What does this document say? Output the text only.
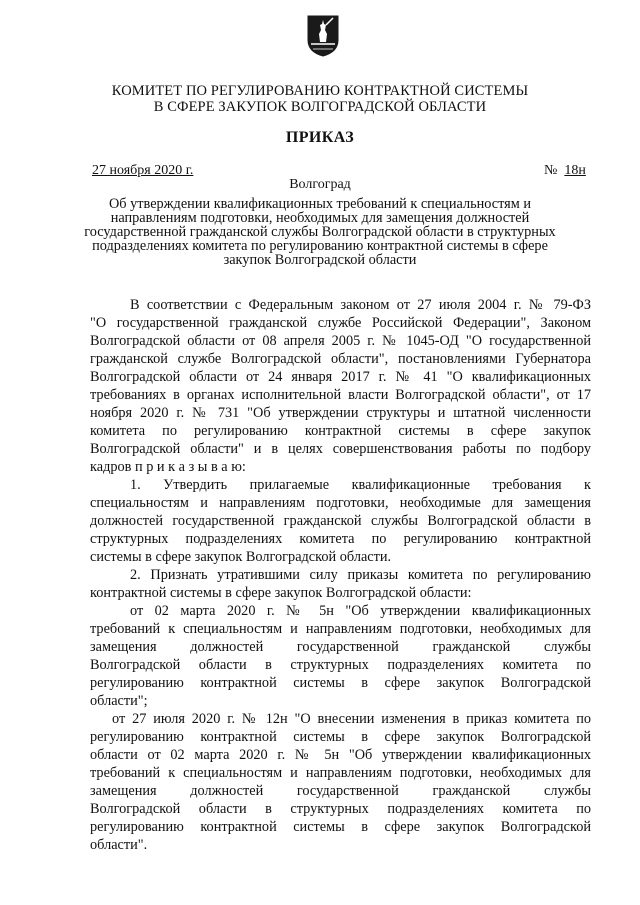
КОМИТЕТ ПО РЕГУЛИРОВАНИЮ КОНТРАКТНОЙ СИСТЕМЫ
В СФЕРЕ ЗАКУПОК ВОЛГОГРАДСКОЙ ОБЛАСТИ
ПРИКАЗ
27 ноября 2020 г.	№ 18н
Волгоград
Об утверждении квалификационных требований к специальностям и
направлениям подготовки, необходимых для замещения должностей
государственной гражданской службы Волгоградской области в структурных
подразделениях комитета по регулированию контрактной системы в сфере
закупок Волгоградской области
В соответствии с Федеральным законом от 27 июля 2004 г. № 79-ФЗ
"О государственной гражданской службе Российской Федерации", Законом
Волгоградской области от 08 апреля 2005 г. № 1045-ОД "О государственной
гражданской службе Волгоградской области", постановлениями Губернатора
Волгоградской области от 24 января 2017 г. № 41 "О квалификационных
требованиях в органах исполнительной власти Волгоградской области", от 17
ноября 2020 г. № 731 "Об утверждении структуры и штатной численности
комитета по регулированию контрактной системы в сфере закупок
Волгоградской области" и в целях совершенствования работы по подбору
кадров п р и к а з ы в а ю:
1. Утвердить прилагаемые квалификационные требования к
специальностям и направлениям подготовки, необходимые для замещения
должностей государственной гражданской службы Волгоградской области в
структурных подразделениях комитета по регулированию контрактной
системы в сфере закупок Волгоградской области.
2. Признать утратившими силу приказы комитета по регулированию
контрактной системы в сфере закупок Волгоградской области:
от 02 марта 2020 г. № 5н "Об утверждении квалификационных
требований к специальностям и направлениям подготовки, необходимых для
замещения должностей государственной гражданской службы
Волгоградской области в структурных подразделениях комитета по
регулированию контрактной системы в сфере закупок Волгоградской
области";
от 27 июля 2020 г. № 12н "О внесении изменения в приказ комитета по
регулированию контрактной системы в сфере закупок Волгоградской
области от 02 марта 2020 г. № 5н "Об утверждении квалификационных
требований к специальностям и направлениям подготовки, необходимых для
замещения должностей государственной гражданской службы
Волгоградской области в структурных подразделениях комитета по
регулированию контрактной системы в сфере закупок Волгоградской
области".
